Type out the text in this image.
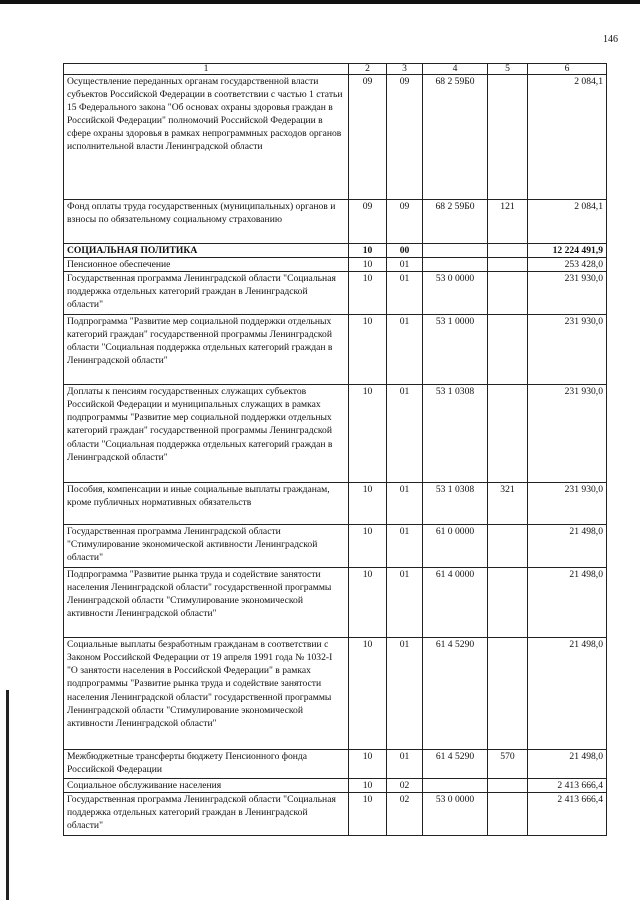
146
1	2	3	4	5	6
Осуществление переданных органам государственной власти субъектов Российской Федерации в соответствии с частью 1 статьи 15 Федерального закона "Об основах охраны здоровья граждан в Российской Федерации" полномочий Российской Федерации в сфере охраны здоровья в рамках непрограммных расходов органов исполнительной власти Ленинградской области	09	09	68 2 59Б0		2 084,1
Фонд оплаты труда государственных (муниципальных) органов и взносы по обязательному социальному страхованию	09	09	68 2 59Б0	121	2 084,1
СОЦИАЛЬНАЯ ПОЛИТИКА	10	00			12 224 491,9
Пенсионное обеспечение	10	01			253 428,0
Государственная программа Ленинградской области "Социальная поддержка отдельных категорий граждан в Ленинградской области"	10	01	53 0 0000		231 930,0
Подпрограмма "Развитие мер социальной поддержки отдельных категорий граждан" государственной программы Ленинградской области "Социальная поддержка отдельных категорий граждан в Ленинградской области"	10	01	53 1 0000		231 930,0
Доплаты к пенсиям государственных служащих субъектов Российской Федерации и муниципальных служащих в рамках подпрограммы "Развитие мер социальной поддержки отдельных категорий граждан" государственной программы Ленинградской области "Социальная поддержка отдельных категорий граждан в Ленинградской области"	10	01	53 1 0308		231 930,0
Пособия, компенсации и иные социальные выплаты гражданам, кроме публичных нормативных обязательств	10	01	53 1 0308	321	231 930,0
Государственная программа Ленинградской области "Стимулирование экономической активности Ленинградской области"	10	01	61 0 0000		21 498,0
Подпрограмма "Развитие рынка труда и содействие занятости населения Ленинградской области" государственной программы Ленинградской области "Стимулирование экономической активности Ленинградской области"	10	01	61 4 0000		21 498,0
Социальные выплаты безработным гражданам в соответствии с Законом Российской Федерации от 19 апреля 1991 года № 1032-I "О занятости населения в Российской Федерации" в рамках подпрограммы "Развитие рынка труда и содействие занятости населения Ленинградской области" государственной программы Ленинградской области "Стимулирование экономической активности Ленинградской области"	10	01	61 4 5290		21 498,0
Межбюджетные трансферты бюджету Пенсионного фонда Российской Федерации	10	01	61 4 5290	570	21 498,0
Социальное обслуживание населения	10	02			2 413 666,4
Государственная программа Ленинградской области "Социальная поддержка отдельных категорий граждан в Ленинградской области"	10	02	53 0 0000		2 413 666,4
